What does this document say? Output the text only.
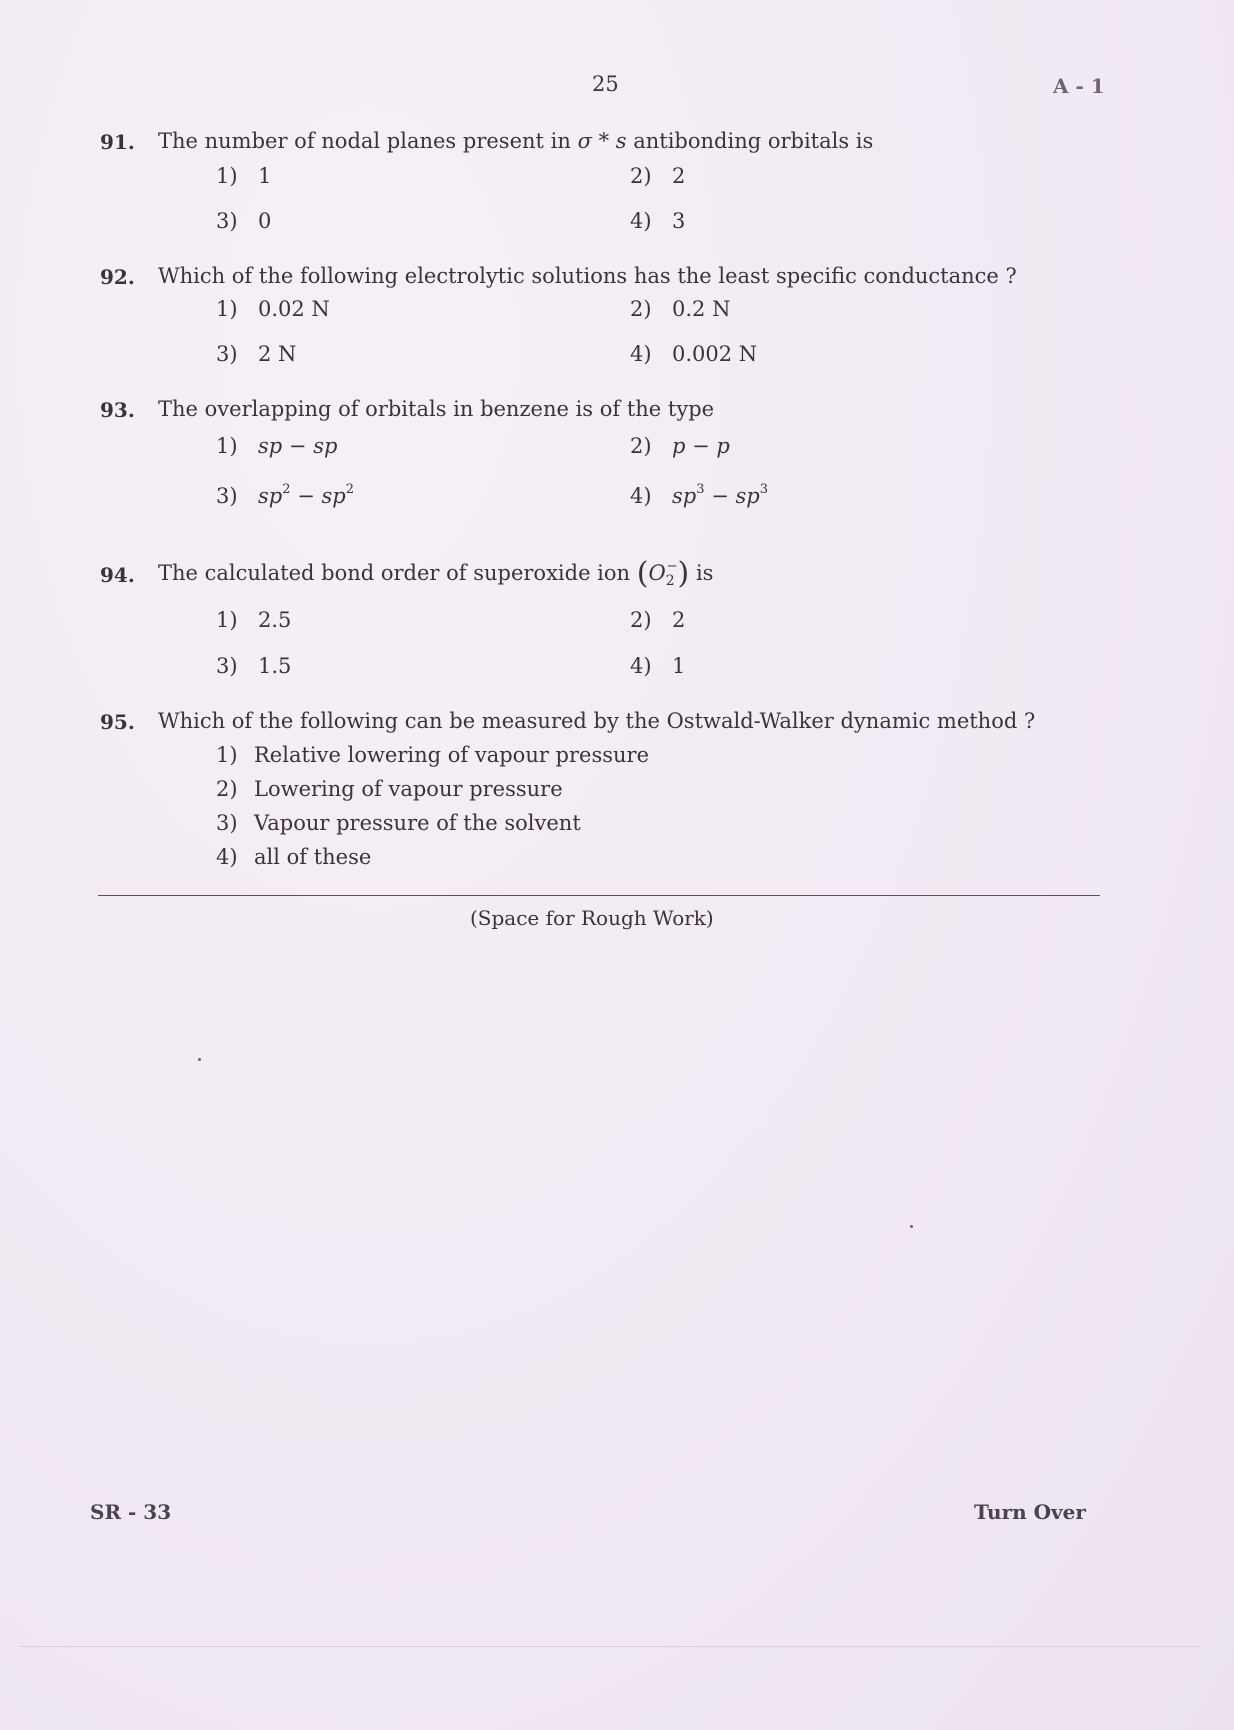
25	A - 1
91. The number of nodal planes present in σ * s antibonding orbitals is
1) 1	2) 2
3) 0	4) 3
92. Which of the following electrolytic solutions has the least specific conductance ?
1) 0.02 N	2) 0.2 N
3) 2 N	4) 0.002 N
93. The overlapping of orbitals in benzene is of the type
1) sp − sp	2) p − p
3) $sp^2 - sp^2$	4) $sp^3 - sp^3$
94. The calculated bond order of superoxide ion $(O_2^-)$ is
1) 2.5	2) 2
3) 1.5	4) 1
95. Which of the following can be measured by the Ostwald-Walker dynamic method ?
1) Relative lowering of vapour pressure
2) Lowering of vapour pressure
3) Vapour pressure of the solvent
4) all of these
(Space for Rough Work)
SR - 33	Turn Over
